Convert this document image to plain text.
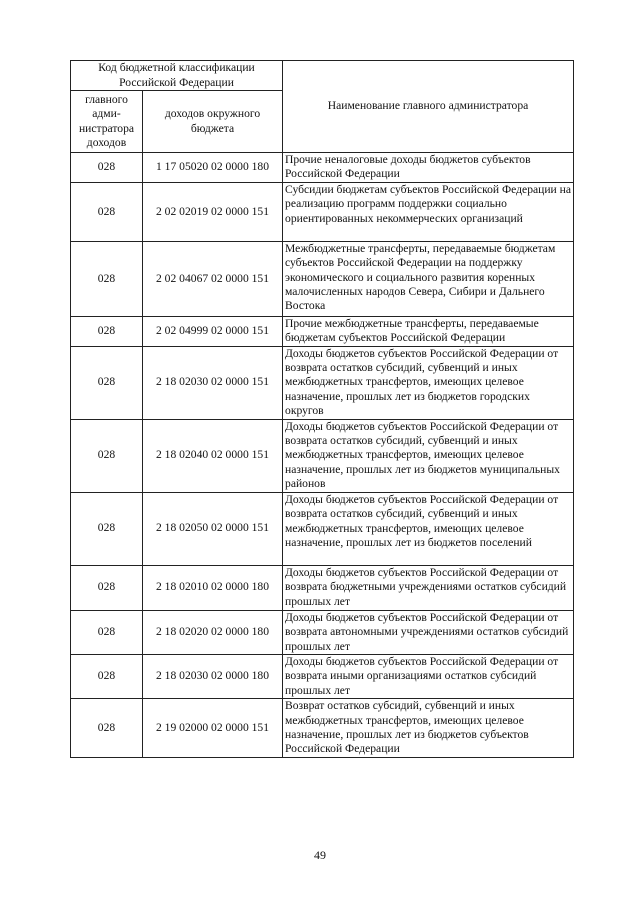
Код бюджетной классификации Российской Федерации		Наименование главного администратора
главного адми-нистратора доходов	доходов окружного бюджета	
028	1 17 05020 02 0000 180	Прочие неналоговые доходы бюджетов субъектов Российской Федерации
028	2 02 02019 02 0000 151	Субсидии бюджетам субъектов Российской Федерации на реализацию программ поддержки социально ориентированных некоммерческих организаций
028	2 02 04067 02 0000 151	Межбюджетные трансферты, передаваемые бюджетам субъектов Российской Федерации на поддержку экономического и социального развития коренных малочисленных народов Севера, Сибири и Дальнего Востока
028	2 02 04999 02 0000 151	Прочие межбюджетные трансферты, передаваемые бюджетам субъектов Российской Федерации
028	2 18 02030 02 0000 151	Доходы бюджетов субъектов Российской Федерации от возврата остатков субсидий, субвенций и иных межбюджетных трансфертов, имеющих целевое назначение, прошлых лет из бюджетов городских округов
028	2 18 02040 02 0000 151	Доходы бюджетов субъектов Российской Федерации от возврата остатков субсидий, субвенций и иных межбюджетных трансфертов, имеющих целевое назначение, прошлых лет из бюджетов муниципальных районов
028	2 18 02050 02 0000 151	Доходы бюджетов субъектов Российской Федерации от возврата остатков субсидий, субвенций и иных межбюджетных трансфертов, имеющих целевое назначение, прошлых лет из бюджетов поселений
028	2 18 02010 02 0000 180	Доходы бюджетов субъектов Российской Федерации от возврата бюджетными учреждениями остатков субсидий прошлых лет
028	2 18 02020 02 0000 180	Доходы бюджетов субъектов Российской Федерации от возврата автономными учреждениями остатков субсидий прошлых лет
028	2 18 02030 02 0000 180	Доходы бюджетов субъектов Российской Федерации от возврата иными организациями остатков субсидий прошлых лет
028	2 19 02000 02 0000 151	Возврат остатков субсидий, субвенций и иных межбюджетных трансфертов, имеющих целевое назначение, прошлых лет из бюджетов субъектов Российской Федерации
49
